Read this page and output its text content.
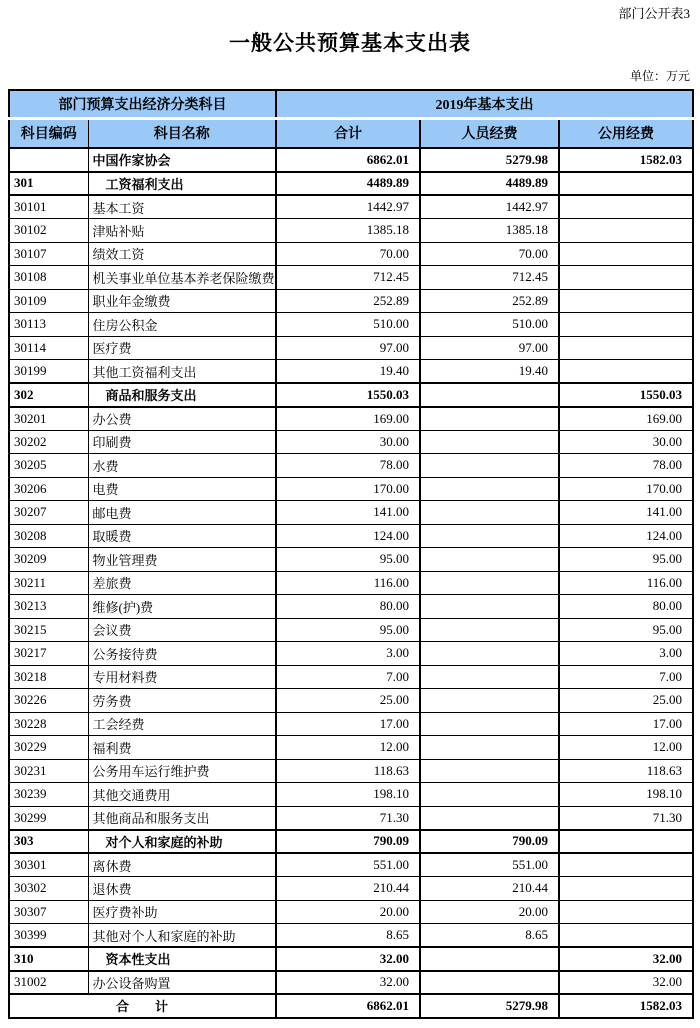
部门公开表3
一般公共预算基本支出表
单位：万元
部门预算支出经济分类科目		2019年基本支出		
科目编码	科目名称	合计	人员经费	公用经费
	中国作家协会	6862.01	5279.98	1582.03
301	工资福利支出	4489.89	4489.89	
30101	基本工资	1442.97	1442.97	
30102	津贴补贴	1385.18	1385.18	
30107	绩效工资	70.00	70.00	
30108	机关事业单位基本养老保险缴费	712.45	712.45	
30109	职业年金缴费	252.89	252.89	
30113	住房公积金	510.00	510.00	
30114	医疗费	97.00	97.00	
30199	其他工资福利支出	19.40	19.40	
302	商品和服务支出	1550.03		1550.03
30201	办公费	169.00		169.00
30202	印刷费	30.00		30.00
30205	水费	78.00		78.00
30206	电费	170.00		170.00
30207	邮电费	141.00		141.00
30208	取暖费	124.00		124.00
30209	物业管理费	95.00		95.00
30211	差旅费	116.00		116.00
30213	维修(护)费	80.00		80.00
30215	会议费	95.00		95.00
30217	公务接待费	3.00		3.00
30218	专用材料费	7.00		7.00
30226	劳务费	25.00		25.00
30228	工会经费	17.00		17.00
30229	福利费	12.00		12.00
30231	公务用车运行维护费	118.63		118.63
30239	其他交通费用	198.10		198.10
30299	其他商品和服务支出	71.30		71.30
303	对个人和家庭的补助	790.09	790.09	
30301	离休费	551.00	551.00	
30302	退休费	210.44	210.44	
30307	医疗费补助	20.00	20.00	
30399	其他对个人和家庭的补助	8.65	8.65	
310	资本性支出	32.00		32.00
31002	办公设备购置	32.00		32.00
合　　计		6862.01	5279.98	1582.03
